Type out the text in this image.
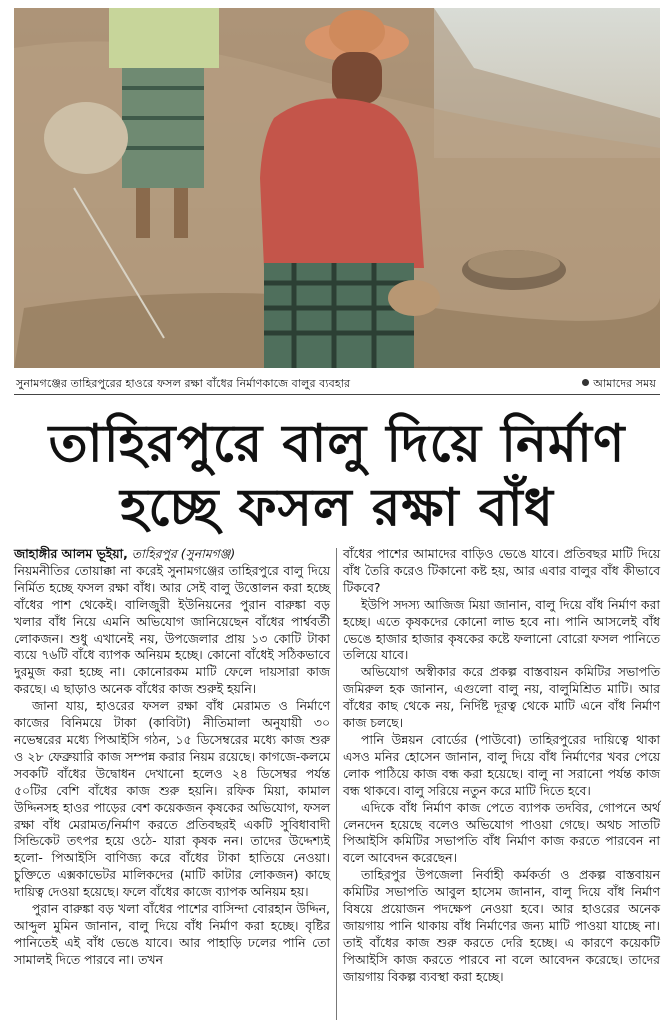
সুনামগঞ্জের তাহিরপুরের হাওরে ফসল রক্ষা বাঁধের নির্মাণকাজে বালুর ব্যবহার	আমাদের সময়
তাহিরপুরে বালু দিয়ে নির্মাণ
হচ্ছে ফসল রক্ষা বাঁধ

জাহাঙ্গীর আলম ভূইয়া, তাহিরপুর (সুনামগঞ্জ)

নিয়মনীতির তোয়াক্কা না করেই সুনামগঞ্জের তাহিরপুরে বালু দিয়ে নির্মিত হচ্ছে ফসল রক্ষা বাঁধ। আর সেই বালু উত্তোলন করা হচ্ছে বাঁধের পাশ থেকেই। বালিজুরী ইউনিয়নের পুরান বারুঙ্কা বড় খলার বাঁধ নিয়ে এমনি অভিযোগ জানিয়েছেন বাঁধের পার্শ্ববর্তী লোকজন। শুধু এখানেই নয়, উপজেলার প্রায় ১৩ কোটি টাকা ব্যয়ে ৭৬টি বাঁধে ব্যাপক অনিয়ম হচ্ছে। কোনো বাঁধেই সঠিকভাবে দুরমুজ করা হচ্ছে না। কোনোরকম মাটি ফেলে দায়সারা কাজ করছে। এ ছাড়াও অনেক বাঁধের কাজ শুরুই হয়নি।

জানা যায়, হাওরের ফসল রক্ষা বাঁধ মেরামত ও নির্মাণে কাজের বিনিময়ে টাকা (কাবিটা) নীতিমালা অনুযায়ী ৩০ নভেম্বরের মধ্যে পিআইসি গঠন, ১৫ ডিসেম্বরের মধ্যে কাজ শুরু ও ২৮ ফেব্রুয়ারি কাজ সম্পন্ন করার নিয়ম রয়েছে। কাগজে-কলমে সবকটি বাঁধের উদ্বোধন দেখানো হলেও ২৪ ডিসেম্বর পর্যন্ত ৫০টির বেশি বাঁধের কাজ শুরু হয়নি। রফিক মিয়া, কামাল উদ্দিনসহ হাওর পাড়ের বেশ কয়েকজন কৃষকের অভিযোগ, ফসল রক্ষা বাঁধ মেরামত/নির্মাণ করতে প্রতিবছরই একটি সুবিধাবাদী সিন্ডিকেট তৎপর হয়ে ওঠে- যারা কৃষক নন। তাদের উদ্দেশ্যই হলো- পিআইসি বাণিজ্য করে বাঁধের টাকা হাতিয়ে নেওয়া। চুক্তিতে এক্সকাভেটর মালিকদের (মাটি কাটার লোকজন) কাছে দায়িত্ব দেওয়া হয়েছে। ফলে বাঁধের কাজে ব্যাপক অনিয়ম হয়।

পুরান বারুঙ্কা বড় খলা বাঁধের পাশের বাসিন্দা বোরহান উদ্দিন, আব্দুল মুমিন জানান, বালু দিয়ে বাঁধ নির্মাণ করা হচ্ছে। বৃষ্টির পানিতেই এই বাঁধ ভেঙে যাবে। আর পাহাড়ি ঢলের পানি তো সামালই দিতে পারবে না। তখন

বাঁধের পাশের আমাদের বাড়িও ভেঙে যাবে। প্রতিবছর মাটি দিয়ে বাঁধ তৈরি করেও টিকানো কষ্ট হয়, আর এবার বালুর বাঁধ কীভাবে টিকবে?

ইউপি সদস্য আজিজ মিয়া জানান, বালু দিয়ে বাঁধ নির্মাণ করা হচ্ছে। এতে কৃষকদের কোনো লাভ হবে না। পানি আসলেই বাঁধ ভেঙে হাজার হাজার কৃষকের কষ্টে ফলানো বোরো ফসল পানিতে তলিয়ে যাবে।

অভিযোগ অস্বীকার করে প্রকল্প বাস্তবায়ন কমিটির সভাপতি জমিরুল হক জানান, এগুলো বালু নয়, বালুমিশ্রিত মাটি। আর বাঁধের কাছ থেকে নয়, নির্দিষ্ট দূরত্ব থেকে মাটি এনে বাঁধ নির্মাণ কাজ চলছে।

পানি উন্নয়ন বোর্ডের (পাউবো) তাহিরপুরের দায়িত্বে থাকা এসও মনির হোসেন জানান, বালু দিয়ে বাঁধ নির্মাণের খবর পেয়ে লোক পাঠিয়ে কাজ বন্ধ করা হয়েছে। বালু না সরানো পর্যন্ত কাজ বন্ধ থাকবে। বালু সরিয়ে নতুন করে মাটি দিতে হবে।

এদিকে বাঁধ নির্মাণ কাজ পেতে ব্যাপক তদবির, গোপনে অর্থ লেনদেন হয়েছে বলেও অভিযোগ পাওয়া গেছে। অথচ সাতটি পিআইসি কমিটির সভাপতি বাঁধ নির্মাণ কাজ করতে পারবেন না বলে আবেদন করেছেন।

তাহিরপুর উপজেলা নির্বাহী কর্মকর্তা ও প্রকল্প বাস্তবায়ন কমিটির সভাপতি আবুল হাসেম জানান, বালু দিয়ে বাঁধ নির্মাণ বিষয়ে প্রয়োজন পদক্ষেপ নেওয়া হবে। আর হাওরের অনেক জায়গায় পানি থাকায় বাঁধ নির্মাণের জন্য মাটি পাওয়া যাচ্ছে না। তাই বাঁধের কাজ শুরু করতে দেরি হচ্ছে। এ কারণে কয়েকটি পিআইসি কাজ করতে পারবে না বলে আবেদন করেছে। তাদের জায়গায় বিকল্প ব্যবস্থা করা হচ্ছে।
